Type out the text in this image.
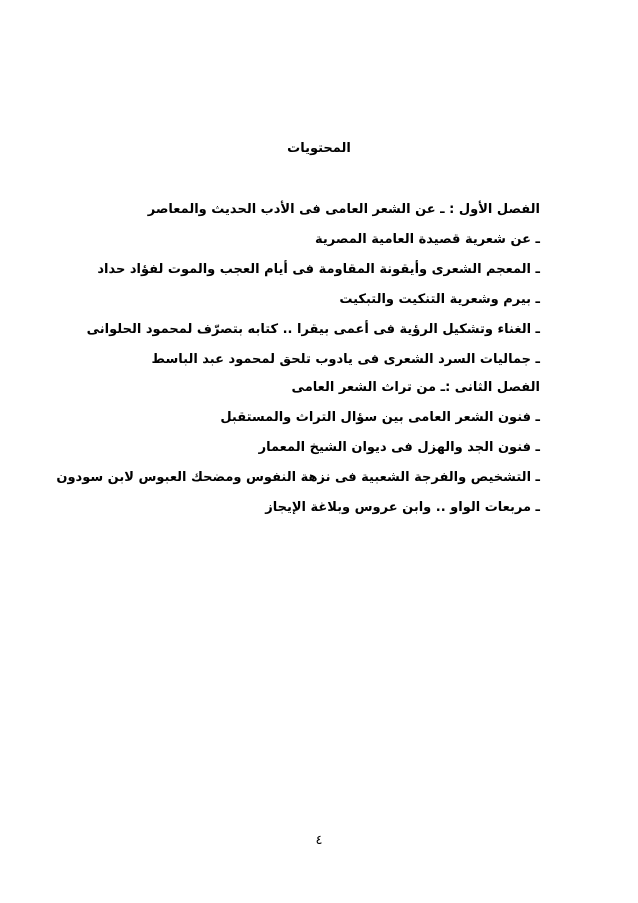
المحتويات
الفصل الأول : ـ عن الشعر العامى فى الأدب الحديث والمعاصر
ـ عن شعرية قصيدة العامية المصرية
ـ المعجم الشعرى وأيقونة المقاومة فى أيام العجب والموت لفؤاد حداد
ـ بيرم وشعرية التنكيت والتبكيت
ـ الغناء وتشكيل الرؤية فى أعمى بيقرا .. كتابه بتصرّف لمحمود الحلوانى
ـ جماليات السرد الشعرى فى يادوب تلحق لمحمود عبد الباسط
الفصل الثانى :ـ من تراث الشعر العامى
ـ فنون الشعر العامى بين سؤال التراث والمستقبل
ـ فنون الجد والهزل فى ديوان الشيخ المعمار
ـ التشخيص والفرجة الشعبية فى نزهة النفوس ومضحك العبوس لابن سودون
ـ مربعات الواو .. وابن عروس وبلاغة الإيجاز
٤
